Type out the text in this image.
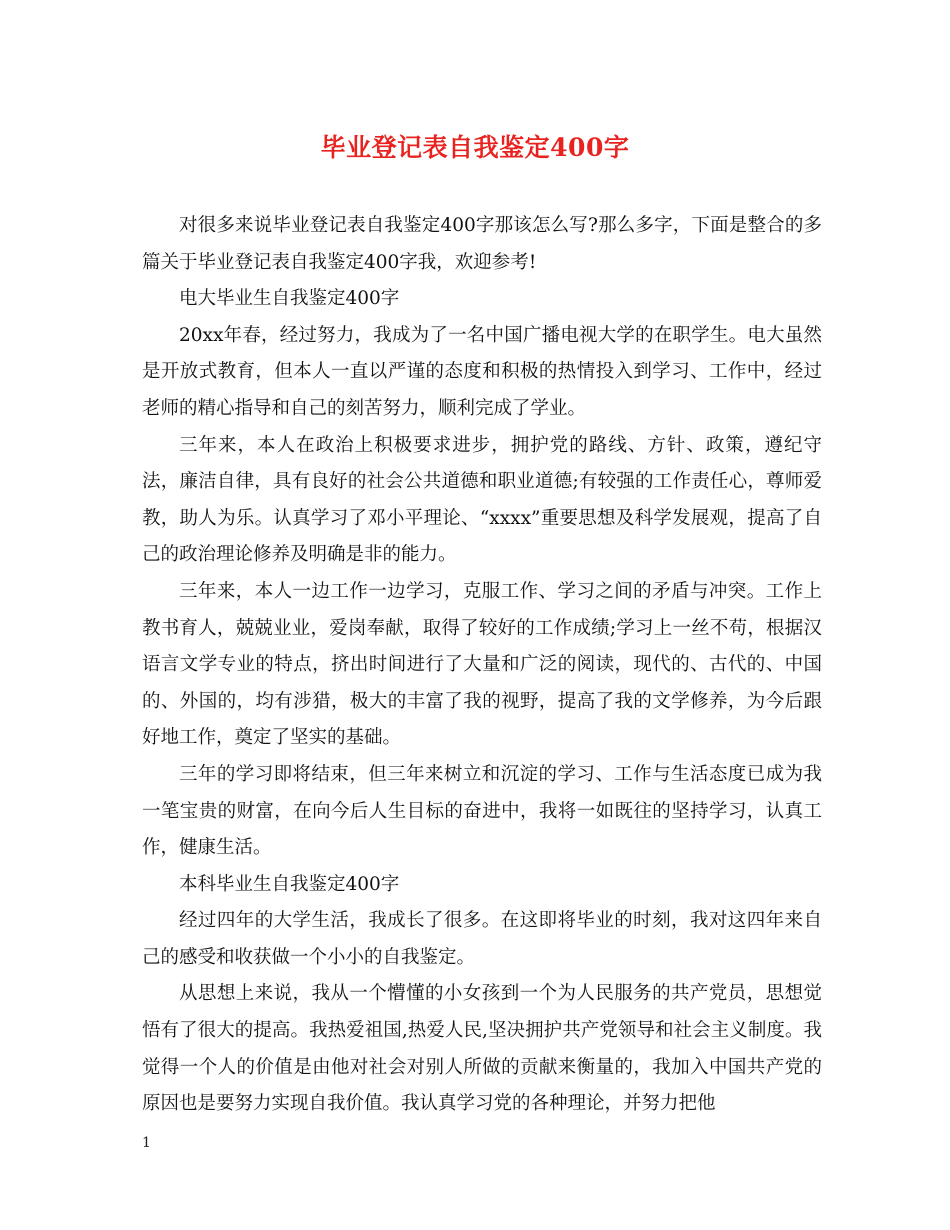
毕业登记表自我鉴定400字

对很多来说毕业登记表自我鉴定400字那该怎么写?那么多字，下面是整合的多篇关于毕业登记表自我鉴定400字我，欢迎参考!

电大毕业生自我鉴定400字

20xx年春，经过努力，我成为了一名中国广播电视大学的在职学生。电大虽然是开放式教育，但本人一直以严谨的态度和积极的热情投入到学习、工作中，经过老师的精心指导和自己的刻苦努力，顺利完成了学业。

三年来，本人在政治上积极要求进步，拥护党的路线、方针、政策，遵纪守法，廉洁自律，具有良好的社会公共道德和职业道德;有较强的工作责任心，尊师爱教，助人为乐。认真学习了邓小平理论、“xxxx”重要思想及科学发展观，提高了自己的政治理论修养及明确是非的能力。

三年来，本人一边工作一边学习，克服工作、学习之间的矛盾与冲突。工作上教书育人，兢兢业业，爱岗奉献，取得了较好的工作成绩;学习上一丝不苟，根据汉语言文学专业的特点，挤出时间进行了大量和广泛的阅读，现代的、古代的、中国的、外国的，均有涉猎，极大的丰富了我的视野，提高了我的文学修养，为今后跟好地工作，奠定了坚实的基础。

三年的学习即将结束，但三年来树立和沉淀的学习、工作与生活态度已成为我一笔宝贵的财富，在向今后人生目标的奋进中，我将一如既往的坚持学习，认真工作，健康生活。

本科毕业生自我鉴定400字

经过四年的大学生活，我成长了很多。在这即将毕业的时刻，我对这四年来自己的感受和收获做一个小小的自我鉴定。

从思想上来说，我从一个懵懂的小女孩到一个为人民服务的共产党员，思想觉悟有了很大的提高。我热爱祖国,热爱人民,坚决拥护共产党领导和社会主义制度。我觉得一个人的价值是由他对社会对别人所做的贡献来衡量的，我加入中国共产党的原因也是要努力实现自我价值。我认真学习党的各种理论，并努力把他

1
